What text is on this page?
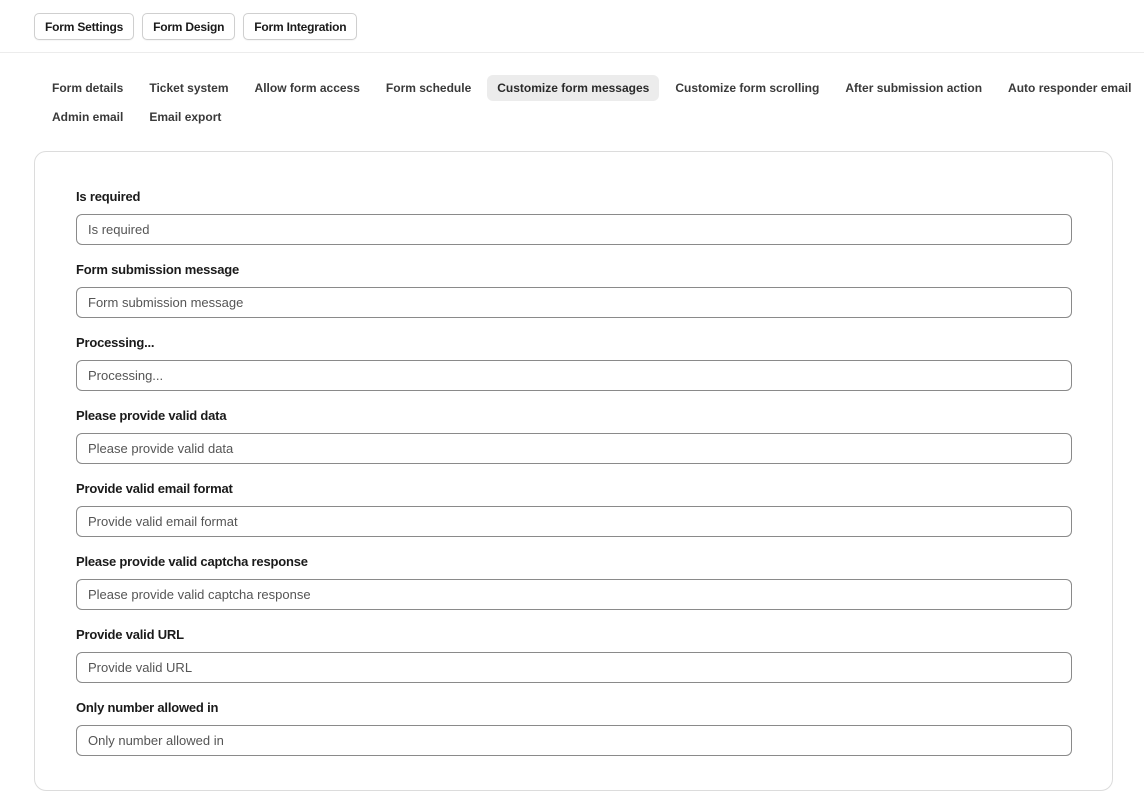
Form Settings	Form Design	Form Integration
Form details	Ticket system	Allow form access	Form schedule	Customize form messages	Customize form scrolling	After submission action	Auto responder email
Admin email	Email export
Is required
Is required
Form submission message
Form submission message
Processing...
Processing...
Please provide valid data
Please provide valid data
Provide valid email format
Provide valid email format
Please provide valid captcha response
Please provide valid captcha response
Provide valid URL
Provide valid URL
Only number allowed in
Only number allowed in
